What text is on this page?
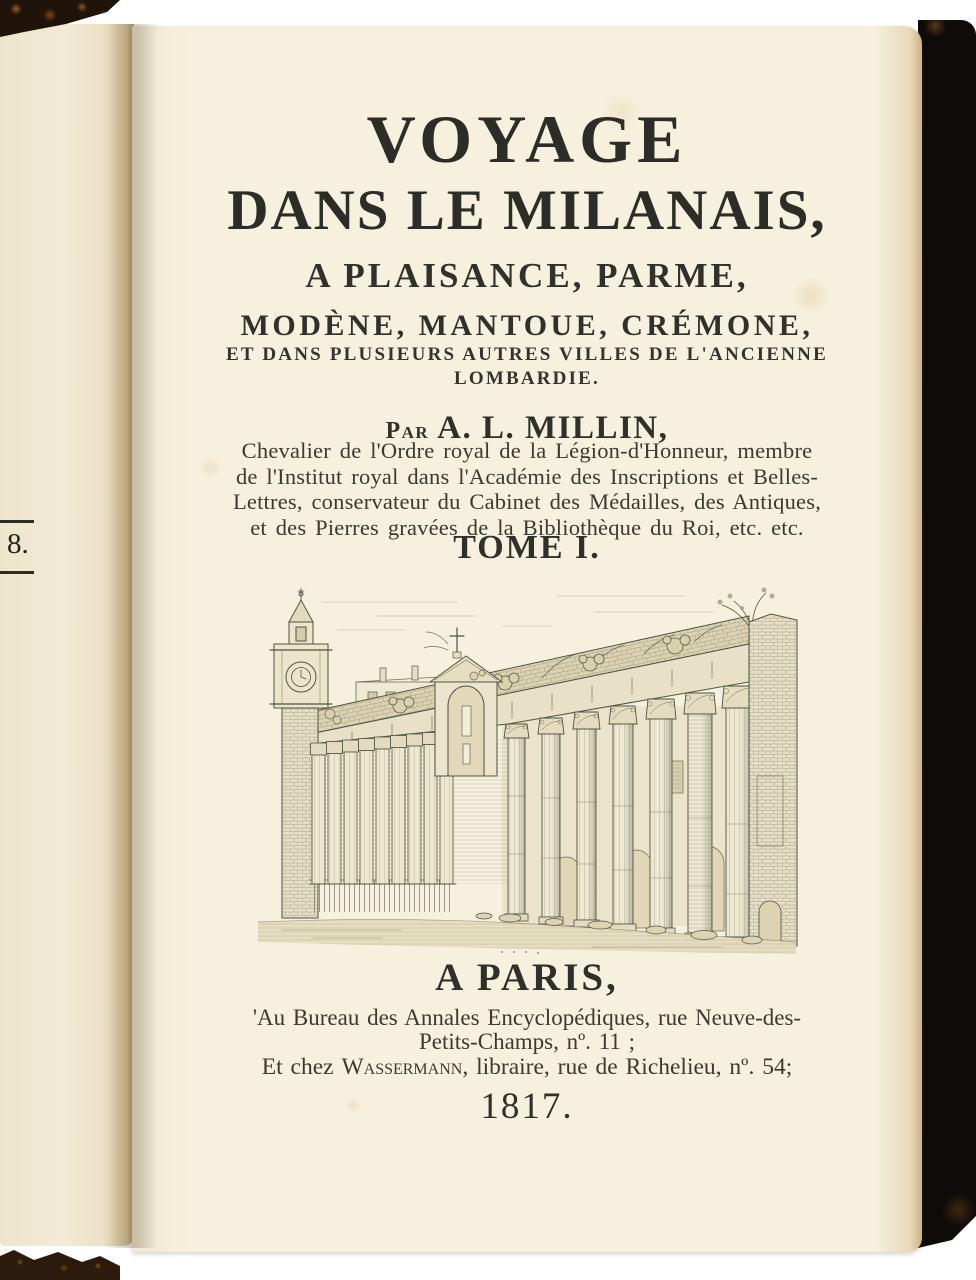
8.
VOYAGE
DANS LE MILANAIS,
A PLAISANCE, PARME,
MODÈNE, MANTOUE, CRÉMONE,
ET DANS PLUSIEURS AUTRES VILLES DE L'ANCIENNE
LOMBARDIE.
Par A. L. MILLIN,
Chevalier de l'Ordre royal de la Légion-d'Honneur, membre
de l'Institut royal dans l'Académie des Inscriptions et Belles-
Lettres, conservateur du Cabinet des Médailles, des Antiques,
et des Pierres gravées de la Bibliothèque du Roi, etc. etc.
TOME I.
A PARIS,
'Au Bureau des Annales Encyclopédiques, rue Neuve-des-
Petits-Champs, nº. 11 ;
Et chez Wassermann, libraire, rue de Richelieu, nº. 54;
1817.
